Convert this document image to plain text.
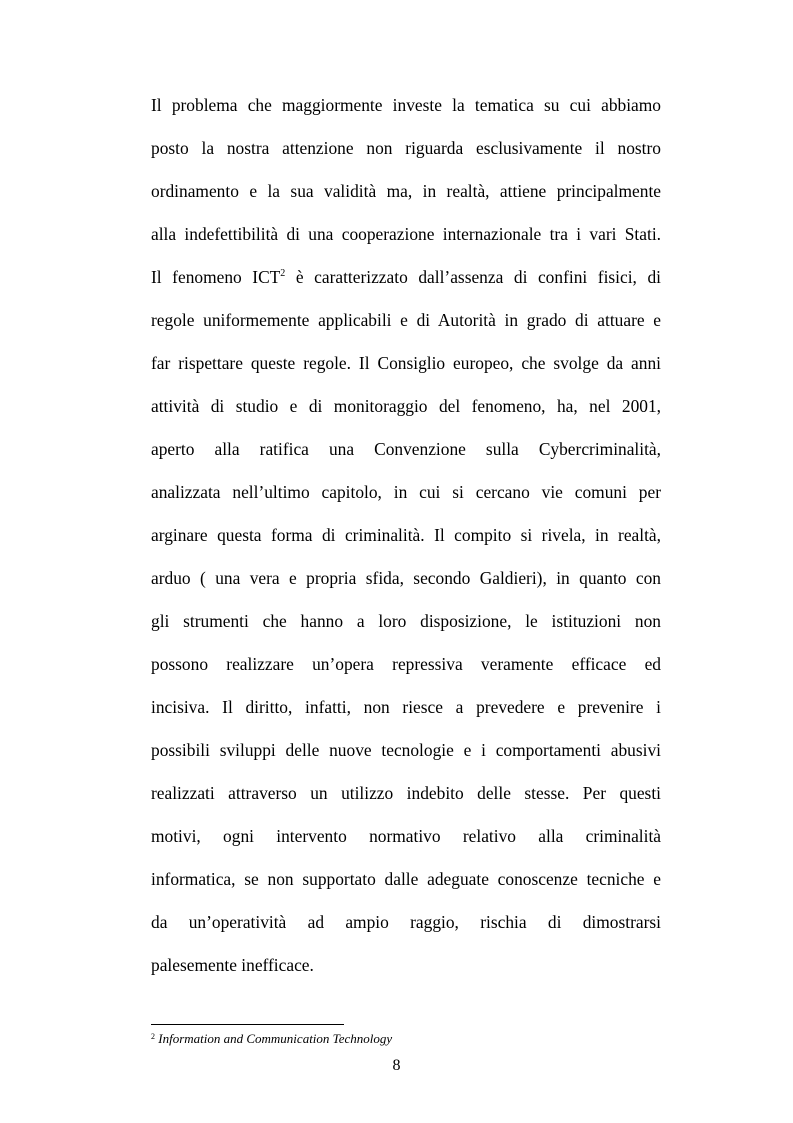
Il problema che maggiormente investe la tematica su cui abbiamo
posto la nostra attenzione non riguarda esclusivamente il nostro
ordinamento e la sua validità ma, in realtà, attiene principalmente
alla indefettibilità di una cooperazione internazionale tra i vari Stati.
Il fenomeno ICT$^2$ è caratterizzato dall’assenza di confini fisici, di
regole uniformemente applicabili e di Autorità in grado di attuare e
far rispettare queste regole. Il Consiglio europeo, che svolge da anni
attività di studio e di monitoraggio del fenomeno, ha, nel 2001,
aperto alla ratifica una Convenzione sulla Cybercriminalità,
analizzata nell’ultimo capitolo, in cui si cercano vie comuni per
arginare questa forma di criminalità. Il compito si rivela, in realtà,
arduo ( una vera e propria sfida, secondo Galdieri), in quanto con
gli strumenti che hanno a loro disposizione, le istituzioni non
possono realizzare un’opera repressiva veramente efficace ed
incisiva. Il diritto, infatti, non riesce a prevedere e prevenire i
possibili sviluppi delle nuove tecnologie e i comportamenti abusivi
realizzati attraverso un utilizzo indebito delle stesse. Per questi
motivi, ogni intervento normativo relativo alla criminalità
informatica, se non supportato dalle adeguate conoscenze tecniche e
da un’operatività ad ampio raggio, rischia di dimostrarsi
palesemente inefficace.
$^2$ Information and Communication Technology
8
